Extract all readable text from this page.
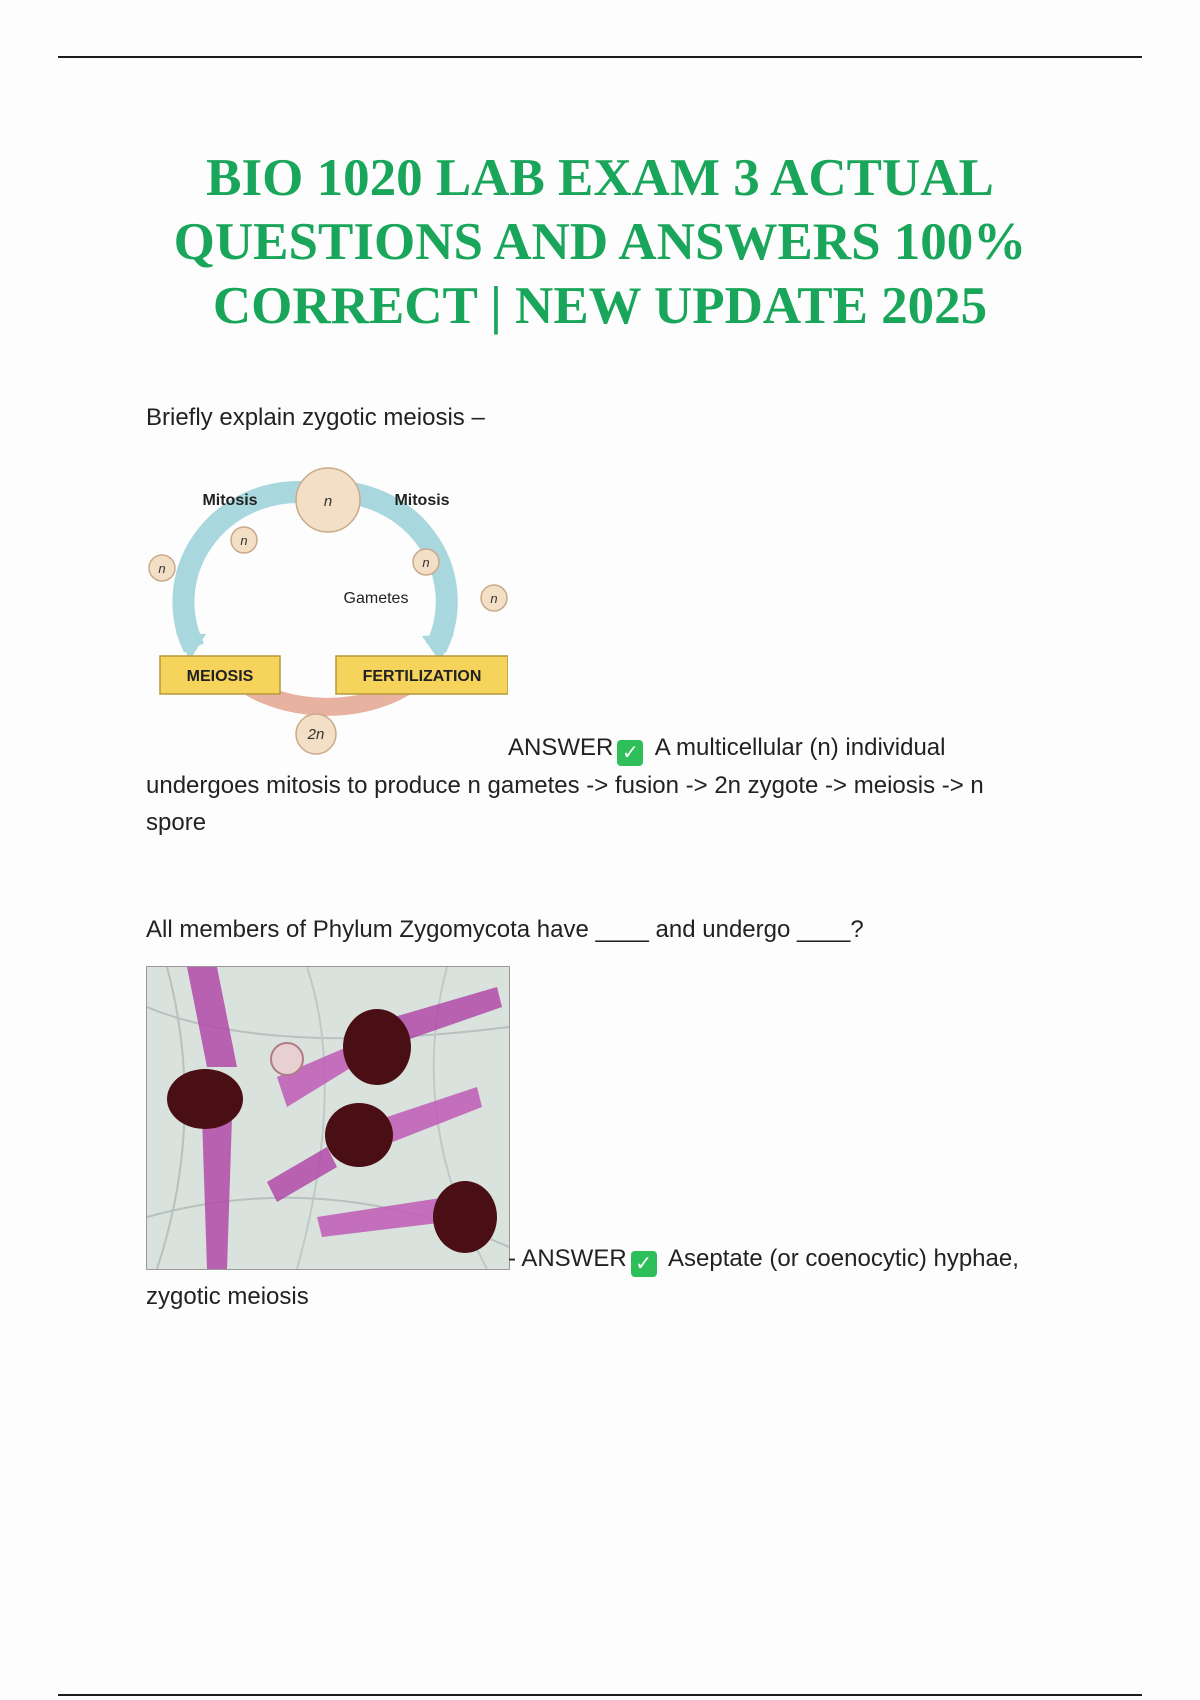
BIO 1020 LAB EXAM 3 ACTUAL
QUESTIONS AND ANSWERS 100%
CORRECT | NEW UPDATE 2025
Briefly explain zygotic meiosis –
n
n
n	n
n
2n
Mitosis	Mitosis
Gametes
MEIOSIS	FERTILIZATION
ANSWER ✓ A multicellular (n) individual
undergoes mitosis to produce n gametes -> fusion -> 2n zygote -> meiosis -> n
spore
All members of Phylum Zygomycota have ____ and undergo ____?
- ANSWER ✓ Aseptate (or coenocytic) hyphae,
zygotic meiosis
